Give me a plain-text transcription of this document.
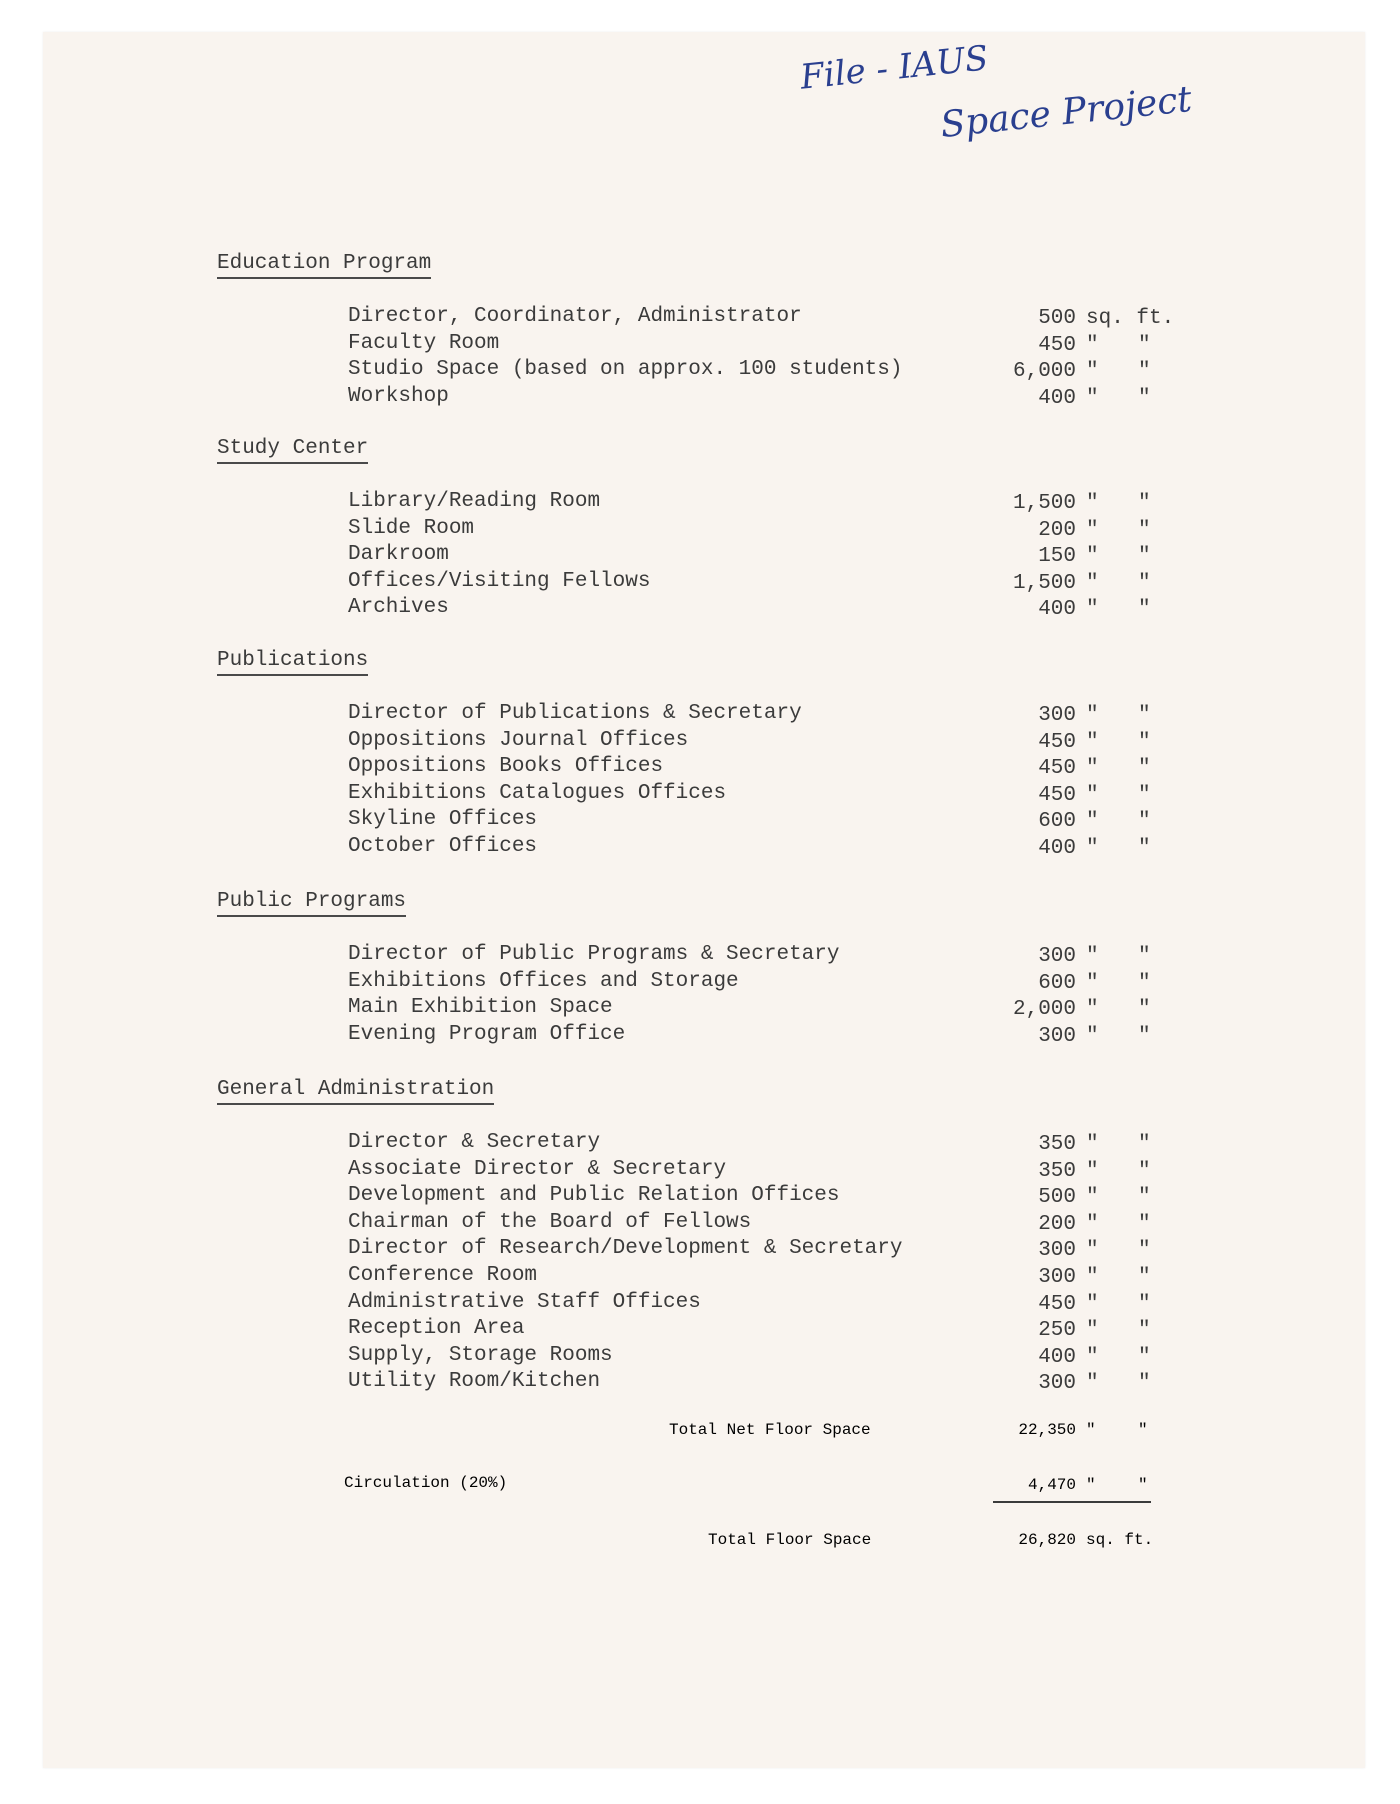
File - IAUS
Space Project
Education Program
Director, Coordinator, Administrator	500 sq. ft.
Faculty Room	450 " "
Studio Space (based on approx. 100 students)	6,000 " "
Workshop	400 " "
Study Center
Library/Reading Room	1,500 " "
Slide Room	200 " "
Darkroom	150 " "
Offices/Visiting Fellows	1,500 " "
Archives	400 " "
Publications
Director of Publications & Secretary	300 " "
Oppositions Journal Offices	450 " "
Oppositions Books Offices	450 " "
Exhibitions Catalogues Offices	450 " "
Skyline Offices	600 " "
October Offices	400 " "
Public Programs
Director of Public Programs & Secretary	300 " "
Exhibitions Offices and Storage	600 " "
Main Exhibition Space	2,000 " "
Evening Program Office	300 " "
General Administration
Director & Secretary	350 " "
Associate Director & Secretary	350 " "
Development and Public Relation Offices	500 " "
Chairman of the Board of Fellows	200 " "
Director of Research/Development & Secretary	300 " "
Conference Room	300 " "
Administrative Staff Offices	450 " "
Reception Area	250 " "
Supply, Storage Rooms	400 " "
Utility Room/Kitchen	300 " "
Total Net Floor Space	22,350 "	"
Circulation (20%)	4,470 "	"
Total Floor Space	26,820 sq. ft.
